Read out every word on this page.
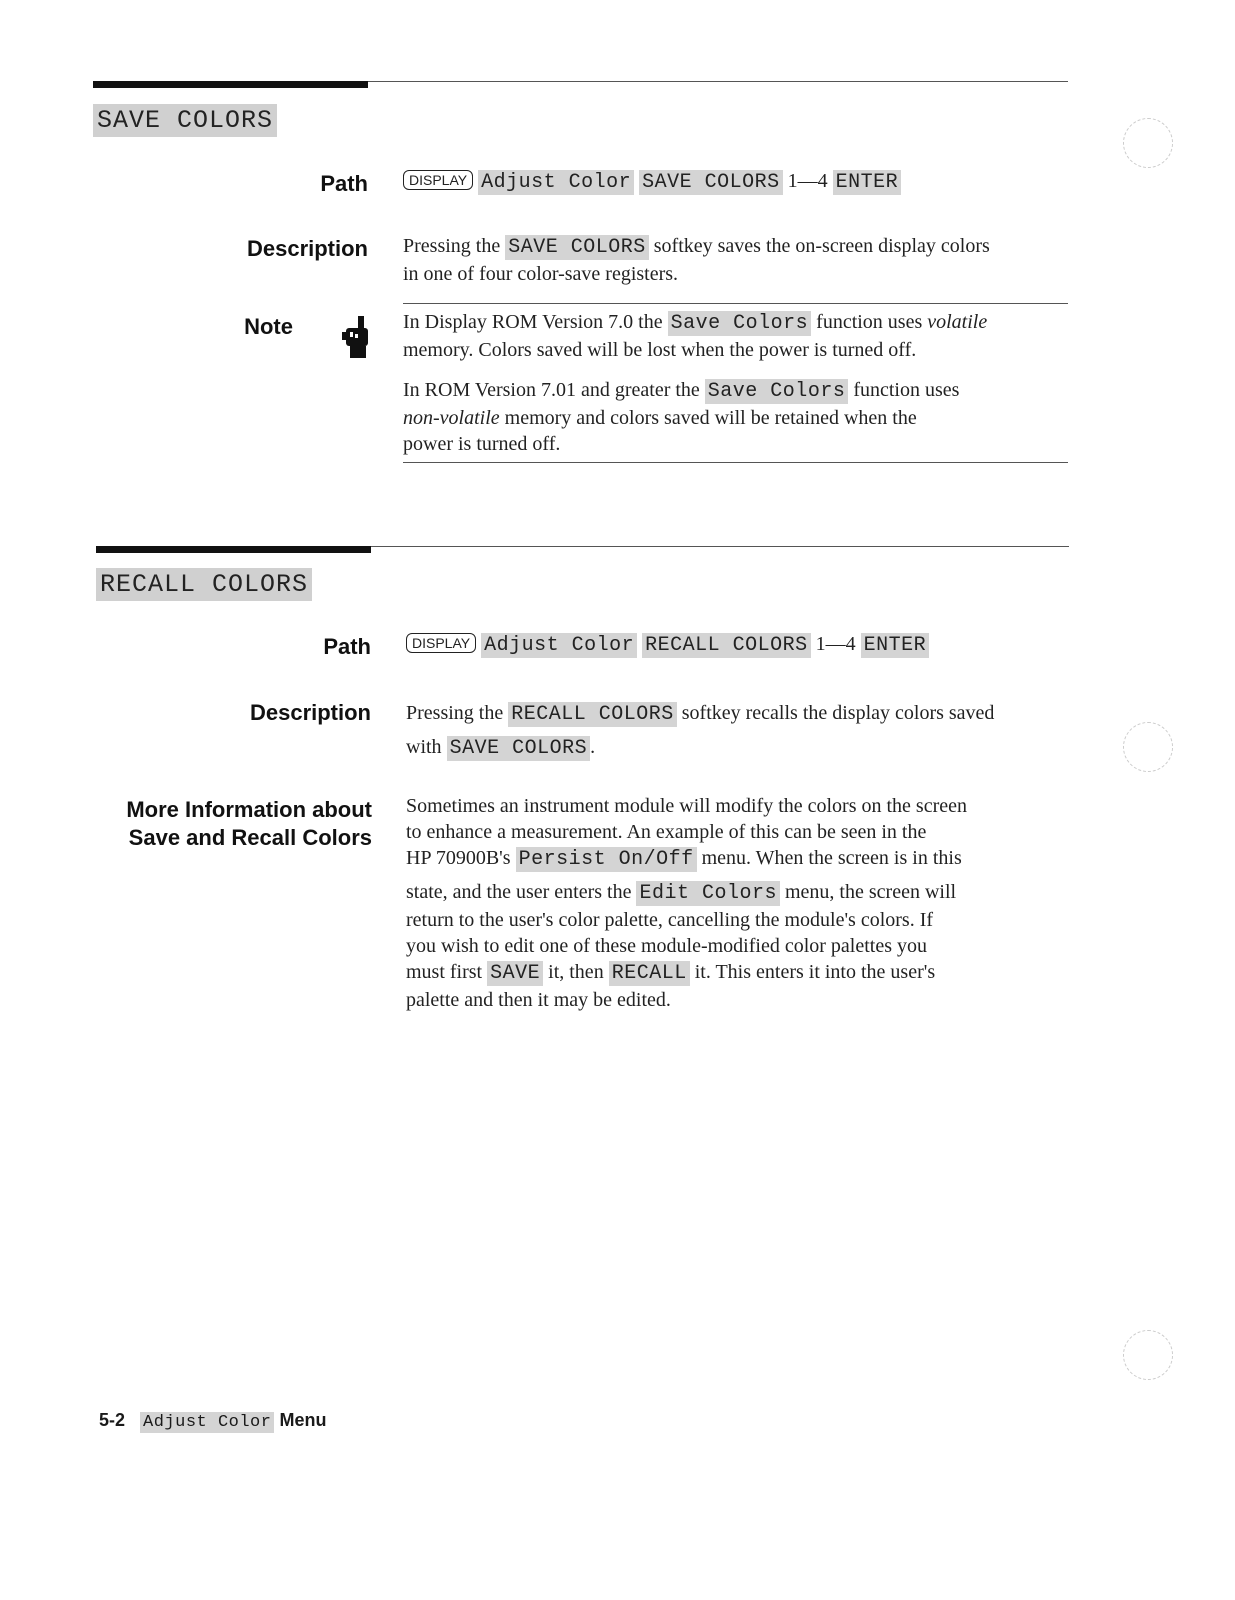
SAVE COLORS
Path	DISPLAY Adjust Color SAVE COLORS 1—4 ENTER
Description Pressing the SAVE COLORS softkey saves the on-screen display colors
in one of four color-save registers.
Note	In Display ROM Version 7.0 the Save Colors function uses volatile
memory. Colors saved will be lost when the power is turned off.
In ROM Version 7.01 and greater the Save Colors function uses
non-volatile memory and colors saved will be retained when the
power is turned off.
RECALL COLORS
Path	DISPLAY Adjust Color RECALL COLORS 1—4 ENTER
Description Pressing the RECALL COLORS softkey recalls the display colors saved
with SAVE COLORS .
More Information about
Save and Recall Colors
Sometimes an instrument module will modify the colors on the screen
to enhance a measurement. An example of this can be seen in the
HP 70900B's Persist On/Off menu. When the screen is in this

state, and the user enters the Edit Colors menu, the screen will
return to the user's color palette, cancelling the module's colors. If
you wish to edit one of these module-modified color palettes you
must first SAVE it, then RECALL it. This enters it into the user's
palette and then it may be edited.
5-2 Adjust Color Menu
